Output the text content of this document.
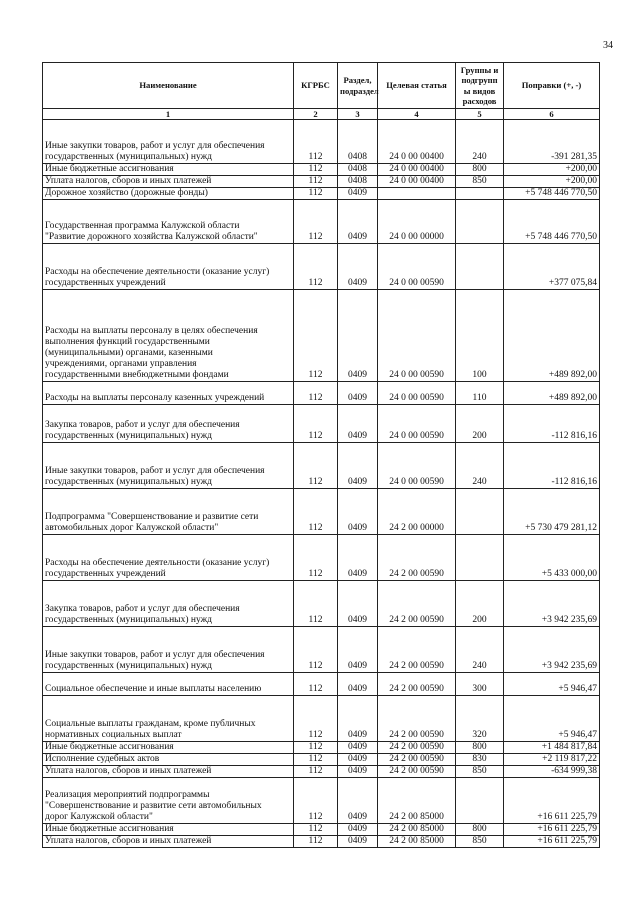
34
Наименование	КГРБС	Раздел, подраздел	Целевая статья	Группы и подгрупп ы видов расходов	Поправки (+, -)
1	2	3	4	5	6
Иные закупки товаров, работ и услуг для обеспечения
государственных (муниципальных) нужд	112	0408	24 0 00 00400	240	-391 281,35
Иные бюджетные ассигнования	112	0408	24 0 00 00400	800	+200,00
Уплата налогов, сборов и иных платежей	112	0408	24 0 00 00400	850	+200,00
Дорожное хозяйство (дорожные фонды)	112	0409			+5 748 446 770,50
Государственная программа Калужской области
"Развитие дорожного хозяйства Калужской области"	112	0409	24 0 00 00000		+5 748 446 770,50
Расходы на обеспечение деятельности (оказание услуг)
государственных учреждений	112	0409	24 0 00 00590		+377 075,84
Расходы на выплаты персоналу в целях обеспечения
выполнения функций государственными
(муниципальными) органами, казенными
учреждениями, органами управления
государственными внебюджетными фондами	112	0409	24 0 00 00590	100	+489 892,00
Расходы на выплаты персоналу казенных учреждений	112	0409	24 0 00 00590	110	+489 892,00
Закупка товаров, работ и услуг для обеспечения
государственных (муниципальных) нужд	112	0409	24 0 00 00590	200	-112 816,16
Иные закупки товаров, работ и услуг для обеспечения
государственных (муниципальных) нужд	112	0409	24 0 00 00590	240	-112 816,16
Подпрограмма "Совершенствование и развитие сети
автомобильных дорог Калужской области"	112	0409	24 2 00 00000		+5 730 479 281,12
Расходы на обеспечение деятельности (оказание услуг)
государственных учреждений	112	0409	24 2 00 00590		+5 433 000,00
Закупка товаров, работ и услуг для обеспечения
государственных (муниципальных) нужд	112	0409	24 2 00 00590	200	+3 942 235,69
Иные закупки товаров, работ и услуг для обеспечения
государственных (муниципальных) нужд	112	0409	24 2 00 00590	240	+3 942 235,69
Социальное обеспечение и иные выплаты населению	112	0409	24 2 00 00590	300	+5 946,47
Социальные выплаты гражданам, кроме публичных
нормативных социальных выплат	112	0409	24 2 00 00590	320	+5 946,47
Иные бюджетные ассигнования	112	0409	24 2 00 00590	800	+1 484 817,84
Исполнение судебных актов	112	0409	24 2 00 00590	830	+2 119 817,22
Уплата налогов, сборов и иных платежей	112	0409	24 2 00 00590	850	-634 999,38
Реализация мероприятий подпрограммы
"Совершенствование и развитие сети автомобильных
дорог Калужской области"	112	0409	24 2 00 85000		+16 611 225,79
Иные бюджетные ассигнования	112	0409	24 2 00 85000	800	+16 611 225,79
Уплата налогов, сборов и иных платежей	112	0409	24 2 00 85000	850	+16 611 225,79
